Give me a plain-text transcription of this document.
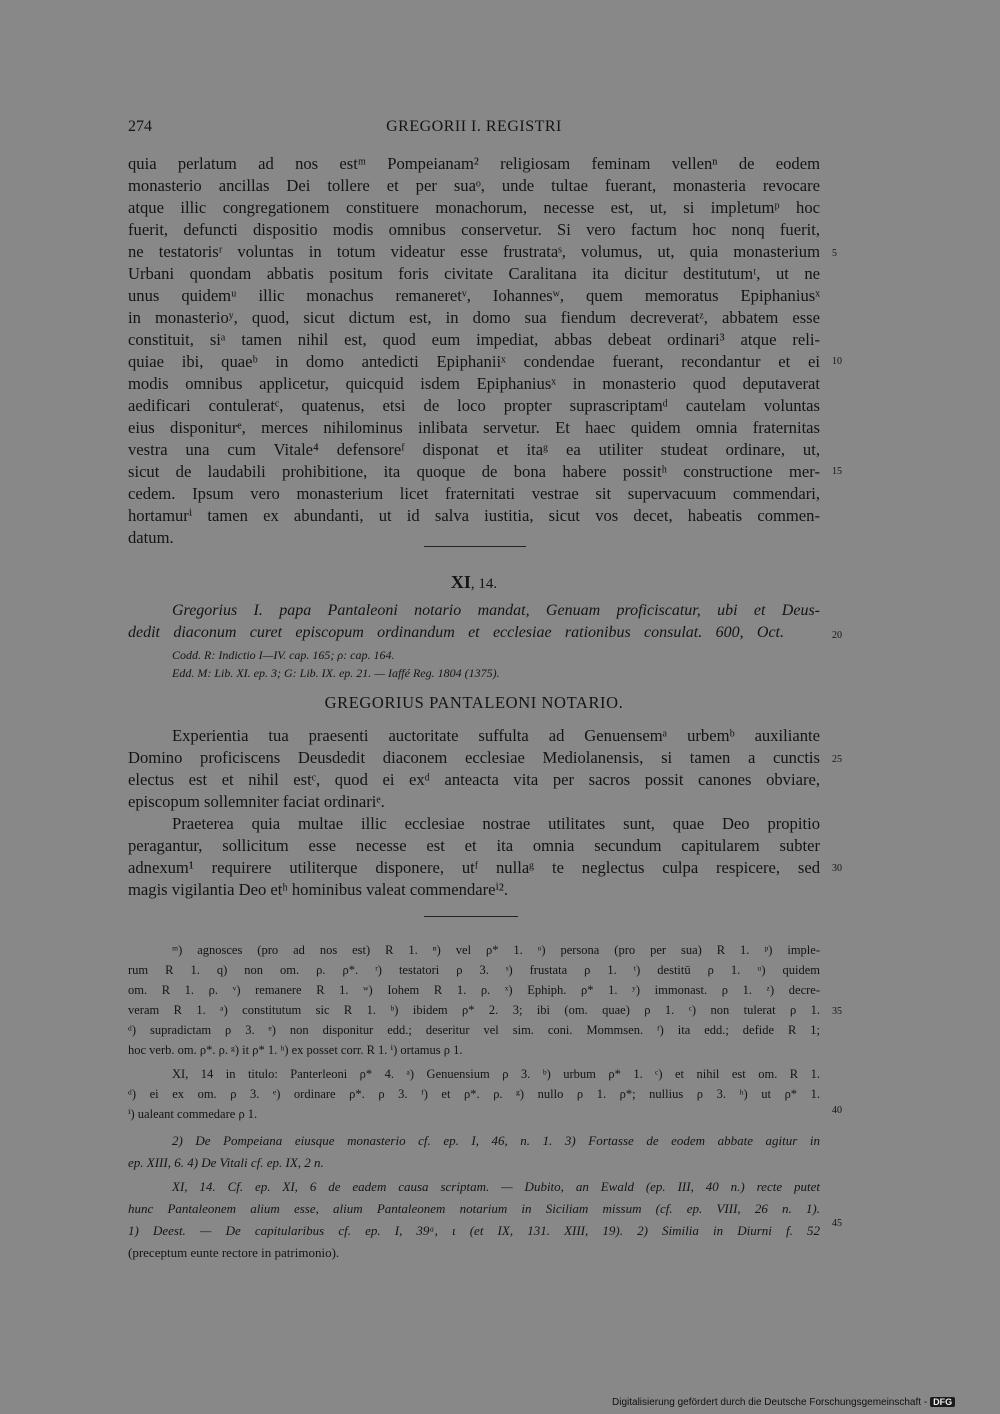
274	GREGORII I. REGISTRI
quia perlatum ad nos estᵐ Pompeianam² religiosam feminam vellenⁿ de eodem
monasterio ancillas Dei tollere et per suaᵒ, unde tultae fuerant, monasteria revocare
atque illic congregationem constituere monachorum, necesse est, ut, si impletumᵖ hoc
fuerit, defuncti dispositio modis omnibus conservetur. Si vero factum hoc nonq fuerit,
ne testatorisʳ voluntas in totum videatur esse frustrataˢ, volumus, ut, quia monasterium
Urbani quondam abbatis positum foris civitate Caralitana ita dicitur destitutumᵗ, ut ne
unus quidemᵘ illic monachus remaneretᵛ, Iohannesʷ, quem memoratus Epiphaniusˣ
in monasterioʸ, quod, sicut dictum est, in domo sua fiendum decreveratᶻ, abbatem esse
constituit, siᵃ tamen nihil est, quod eum impediat, abbas debeat ordinari³ atque reli-
quiae ibi, quaeᵇ in domo antedicti Epiphaniiˣ condendae fuerant, recondantur et ei
modis omnibus applicetur, quicquid isdem Epiphaniusˣ in monasterio quod deputaverat
aedificari contuleratᶜ, quatenus, etsi de loco propter suprascriptamᵈ cautelam voluntas
eius disponiturᵉ, merces nihilominus inlibata servetur. Et haec quidem omnia fraternitas
vestra una cum Vitale⁴ defensoreᶠ disponat et itaᵍ ea utiliter studeat ordinare, ut,
sicut de laudabili prohibitione, ita quoque de bona habere possitʰ constructione mer-
cedem. Ipsum vero monasterium licet fraternitati vestrae sit supervacuum commendari,
hortamurⁱ tamen ex abundanti, ut id salva iustitia, sicut vos decet, habeatis commen-
datum.
XI, 14.
Gregorius I. papa Pantaleoni notario mandat, Genuam proficiscatur, ubi et Deus-
dedit diaconum curet episcopum ordinandum et ecclesiae rationibus consulat. 600, Oct.
Codd. R: Indictio I—IV. cap. 165; ρ: cap. 164.
Edd. M: Lib. XI. ep. 3; G: Lib. IX. ep. 21. — Iaffé Reg. 1804 (1375).
GREGORIUS PANTALEONI NOTARIO.
Experientia tua praesenti auctoritate suffulta ad Genuensemᵃ urbemᵇ auxiliante
Domino proficiscens Deusdedit diaconem ecclesiae Mediolanensis, si tamen a cunctis
electus est et nihil estᶜ, quod ei exᵈ anteacta vita per sacros possit canones obviare,
episcopum sollemniter faciat ordinariᵉ.
Praeterea quia multae illic ecclesiae nostrae utilitates sunt, quae Deo propitio
peragantur, sollicitum esse necesse est et ita omnia secundum capitularem subter
adnexum¹ requirere utiliterque disponere, utᶠ nullaᵍ te neglectus culpa respicere, sed
magis vigilantia Deo etʰ hominibus valeat commendareⁱ².
ᵐ) agnosces (pro ad nos est) R 1. ⁿ) vel ρ* 1. ᵒ) persona (pro per sua) R 1. ᵖ) imple-
rum R 1. q) non om. ρ. ρ*. ʳ) testatori ρ 3. ˢ) frustata ρ 1. ᵗ) destitū ρ 1. ᵘ) quidem
om. R 1. ρ. ᵛ) remanere R 1. ʷ) Iohem R 1. ρ. ˣ) Ephiph. ρ* 1. ʸ) immonast. ρ 1. ᶻ) decre-
veram R 1. ᵃ) constitutum sic R 1. ᵇ) ibidem ρ* 2. 3; ibi (om. quae) ρ 1. ᶜ) non tulerat ρ 1.
ᵈ) supradictam ρ 3. ᵉ) non disponitur edd.; deseritur vel sim. coni. Mommsen. ᶠ) ita edd.; defide R 1;
hoc verb. om. ρ*. ρ. ᵍ) it ρ* 1. ʰ) ex posset corr. R 1. ⁱ) ortamus ρ 1.
XI, 14 in titulo: Panterleoni ρ* 4. ᵃ) Genuensium ρ 3. ᵇ) urbum ρ* 1. ᶜ) et nihil est om. R 1.
ᵈ) ei ex om. ρ 3. ᵉ) ordinare ρ*. ρ 3. ᶠ) et ρ*. ρ. ᵍ) nullo ρ 1. ρ*; nullius ρ 3. ʰ) ut ρ* 1.
ⁱ) ualeant commedare ρ 1.
2) De Pompeiana eiusque monasterio cf. ep. I, 46, n. 1. 3) Fortasse de eodem abbate agitur in
ep. XIII, 6. 4) De Vitali cf. ep. IX, 2 n.
XI, 14. Cf. ep. XI, 6 de eadem causa scriptam. — Dubito, an Ewald (ep. III, 40 n.) recte putet
hunc Pantaleonem alium esse, alium Pantaleonem notarium in Siciliam missum (cf. ep. VIII, 26 n. 1).
1) Deest. — De capitularibus cf. ep. I, 39ᵃ, ι (et IX, 131. XIII, 19). 2) Similia in Diurni f. 52
(preceptum eunte rectore in patrimonio).
5
10
15
20
25
30
35
40
45
Digitalisierung gefördert durch die Deutsche Forschungsgemeinschaft - DFG
